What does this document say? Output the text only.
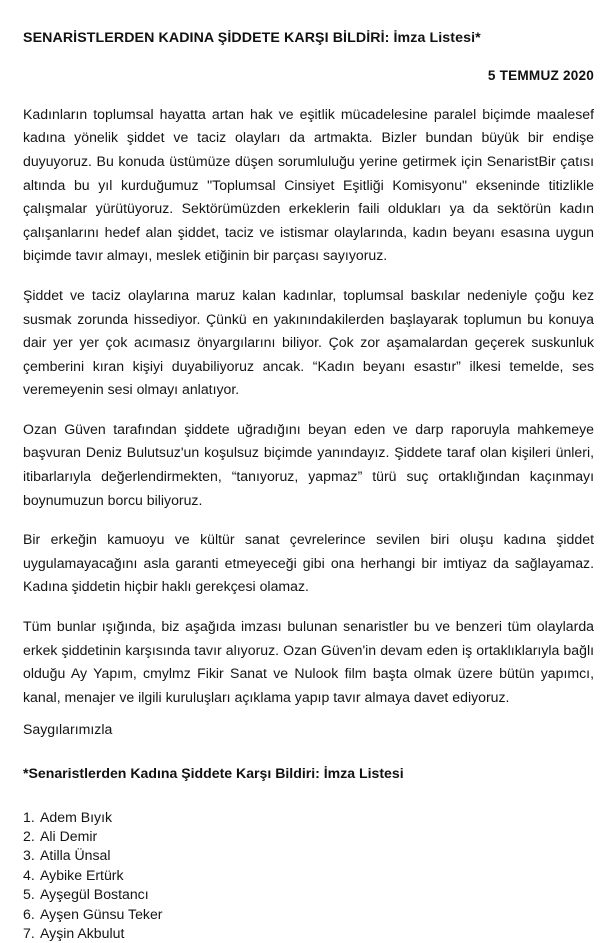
SENARİSTLERDEN KADINA ŞİDDETE KARŞI BİLDİRİ: İmza Listesi*

5 TEMMUZ 2020

Kadınların toplumsal hayatta artan hak ve eşitlik mücadelesine paralel biçimde maalesef kadına yönelik şiddet ve taciz olayları da artmakta. Bizler bundan büyük bir endişe duyuyoruz. Bu konuda üstümüze düşen sorumluluğu yerine getirmek için SenaristBir çatısı altında bu yıl kurduğumuz "Toplumsal Cinsiyet Eşitliği Komisyonu" ekseninde titizlikle çalışmalar yürütüyoruz. Sektörümüzden erkeklerin faili oldukları ya da sektörün kadın çalışanlarını hedef alan şiddet, taciz ve istismar olaylarında, kadın beyanı esasına uygun biçimde tavır almayı, meslek etiğinin bir parçası sayıyoruz.

Şiddet ve taciz olaylarına maruz kalan kadınlar, toplumsal baskılar nedeniyle çoğu kez susmak zorunda hissediyor. Çünkü en yakınındakilerden başlayarak toplumun bu konuya dair yer yer çok acımasız önyargılarını biliyor. Çok zor aşamalardan geçerek suskunluk çemberini kıran kişiyi duyabiliyoruz ancak. “Kadın beyanı esastır” ilkesi temelde, ses veremeyenin sesi olmayı anlatıyor.

Ozan Güven tarafından şiddete uğradığını beyan eden ve darp raporuyla mahkemeye başvuran Deniz Bulutsuz'un koşulsuz biçimde yanındayız. Şiddete taraf olan kişileri ünleri, itibarlarıyla değerlendirmekten, “tanıyoruz, yapmaz” türü suç ortaklığından kaçınmayı boynumuzun borcu biliyoruz.

Bir erkeğin kamuoyu ve kültür sanat çevrelerince sevilen biri oluşu kadına şiddet uygulamayacağını asla garanti etmeyeceği gibi ona herhangi bir imtiyaz da sağlayamaz. Kadına şiddetin hiçbir haklı gerekçesi olamaz.

Tüm bunlar ışığında, biz aşağıda imzası bulunan senaristler bu ve benzeri tüm olaylarda erkek şiddetinin karşısında tavır alıyoruz. Ozan Güven'in devam eden iş ortaklıklarıyla bağlı olduğu Ay Yapım, cmylmz Fikir Sanat ve Nulook film başta olmak üzere bütün yapımcı, kanal, menajer ve ilgili kuruluşları açıklama yapıp tavır almaya davet ediyoruz.

Saygılarımızla

*Senaristlerden Kadına Şiddete Karşı Bildiri: İmza Listesi

Adem Bıyık
Ali Demir
Atilla Ünsal
Aybike Ertürk
Ayşegül Bostancı
Ayşen Günsu Teker
Ayşin Akbulut
